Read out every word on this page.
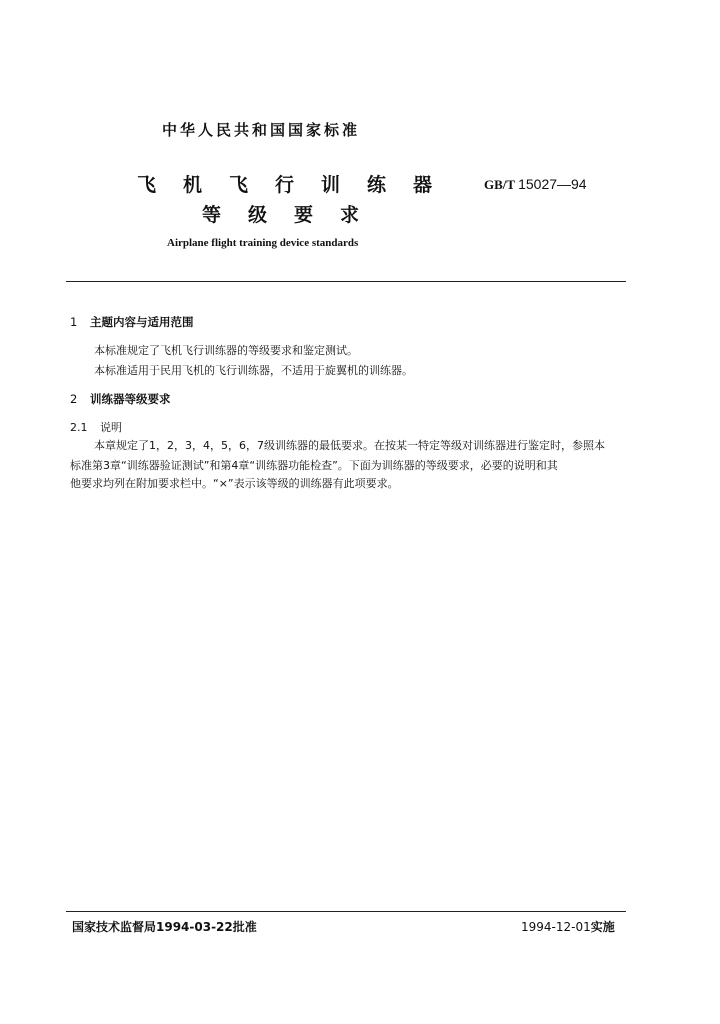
中华人民共和国国家标准
飞机飞行训练器 GB/T 15027—94
等级要求
Airplane flight training device standards
1 主题内容与适用范围
本标准规定了飞机飞行训练器的等级要求和鉴定测试。
本标准适用于民用飞机的飞行训练器，不适用于旋翼机的训练器。
2 训练器等级要求
2.1 说明
本章规定了1，2，3，4，5，6，7级训练器的最低要求。在按某一特定等级对训练器进行鉴定时，参照本
标准第3章“训练器验证测试”和第4章“训练器功能检查”。下面为训练器的等级要求，必要的说明和其
他要求均列在附加要求栏中。“×”表示该等级的训练器有此项要求。
国家技术监督局1994-03-22批准	1994-12-01实施
